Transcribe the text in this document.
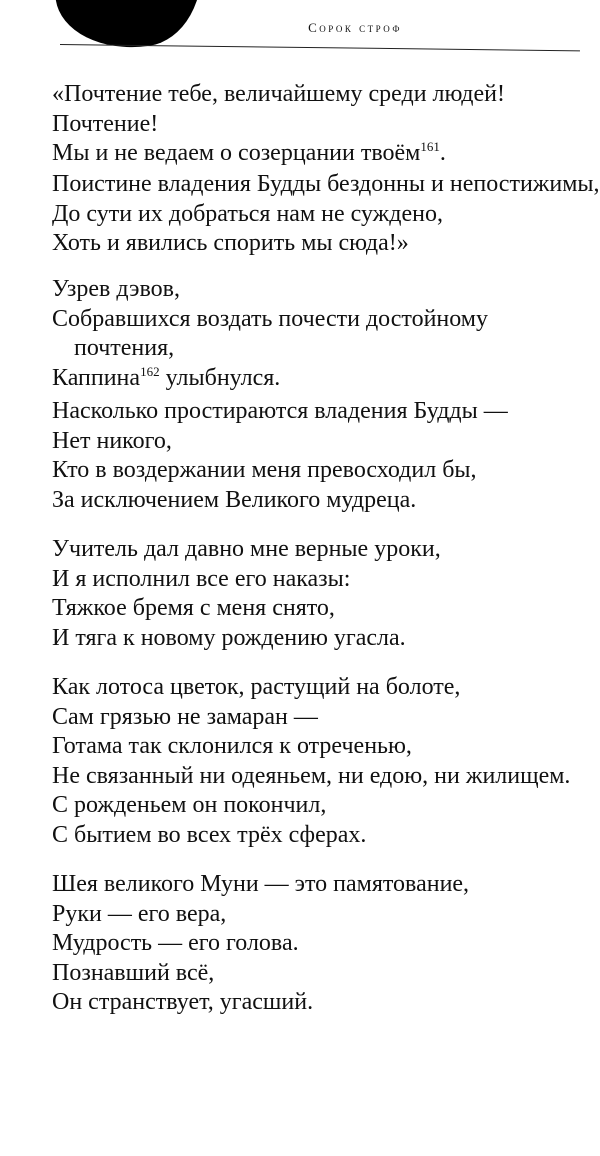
Сорок строф
«Почтение тебе, величайшему среди людей!
Почтение!
Мы и не ведаем о созерцании твоём$^{161}$.
Поистине владения Будды бездонны и непостижимы,
До сути их добраться нам не суждено,
Хоть и явились спорить мы сюда!»
Узрев дэвов,
Собравшихся воздать почести достойному
почтения,
Каппина$^{162}$ улыбнулся.
Насколько простираются владения Будды —
Нет никого,
Кто в воздержании меня превосходил бы,
За исключением Великого мудреца.
Учитель дал давно мне верные уроки,
И я исполнил все его наказы:
Тяжкое бремя с меня снято,
И тяга к новому рождению угасла.
Как лотоса цветок, растущий на болоте,
Сам грязью не замаран —
Готама так склонился к отреченью,
Не связанный ни одеяньем, ни едою, ни жилищем.
С рожденьем он покончил,
С бытием во всех трёх сферах.
Шея великого Муни — это памятование,
Руки — его вера,
Мудрость — его голова.
Познавший всё,
Он странствует, угасший.
